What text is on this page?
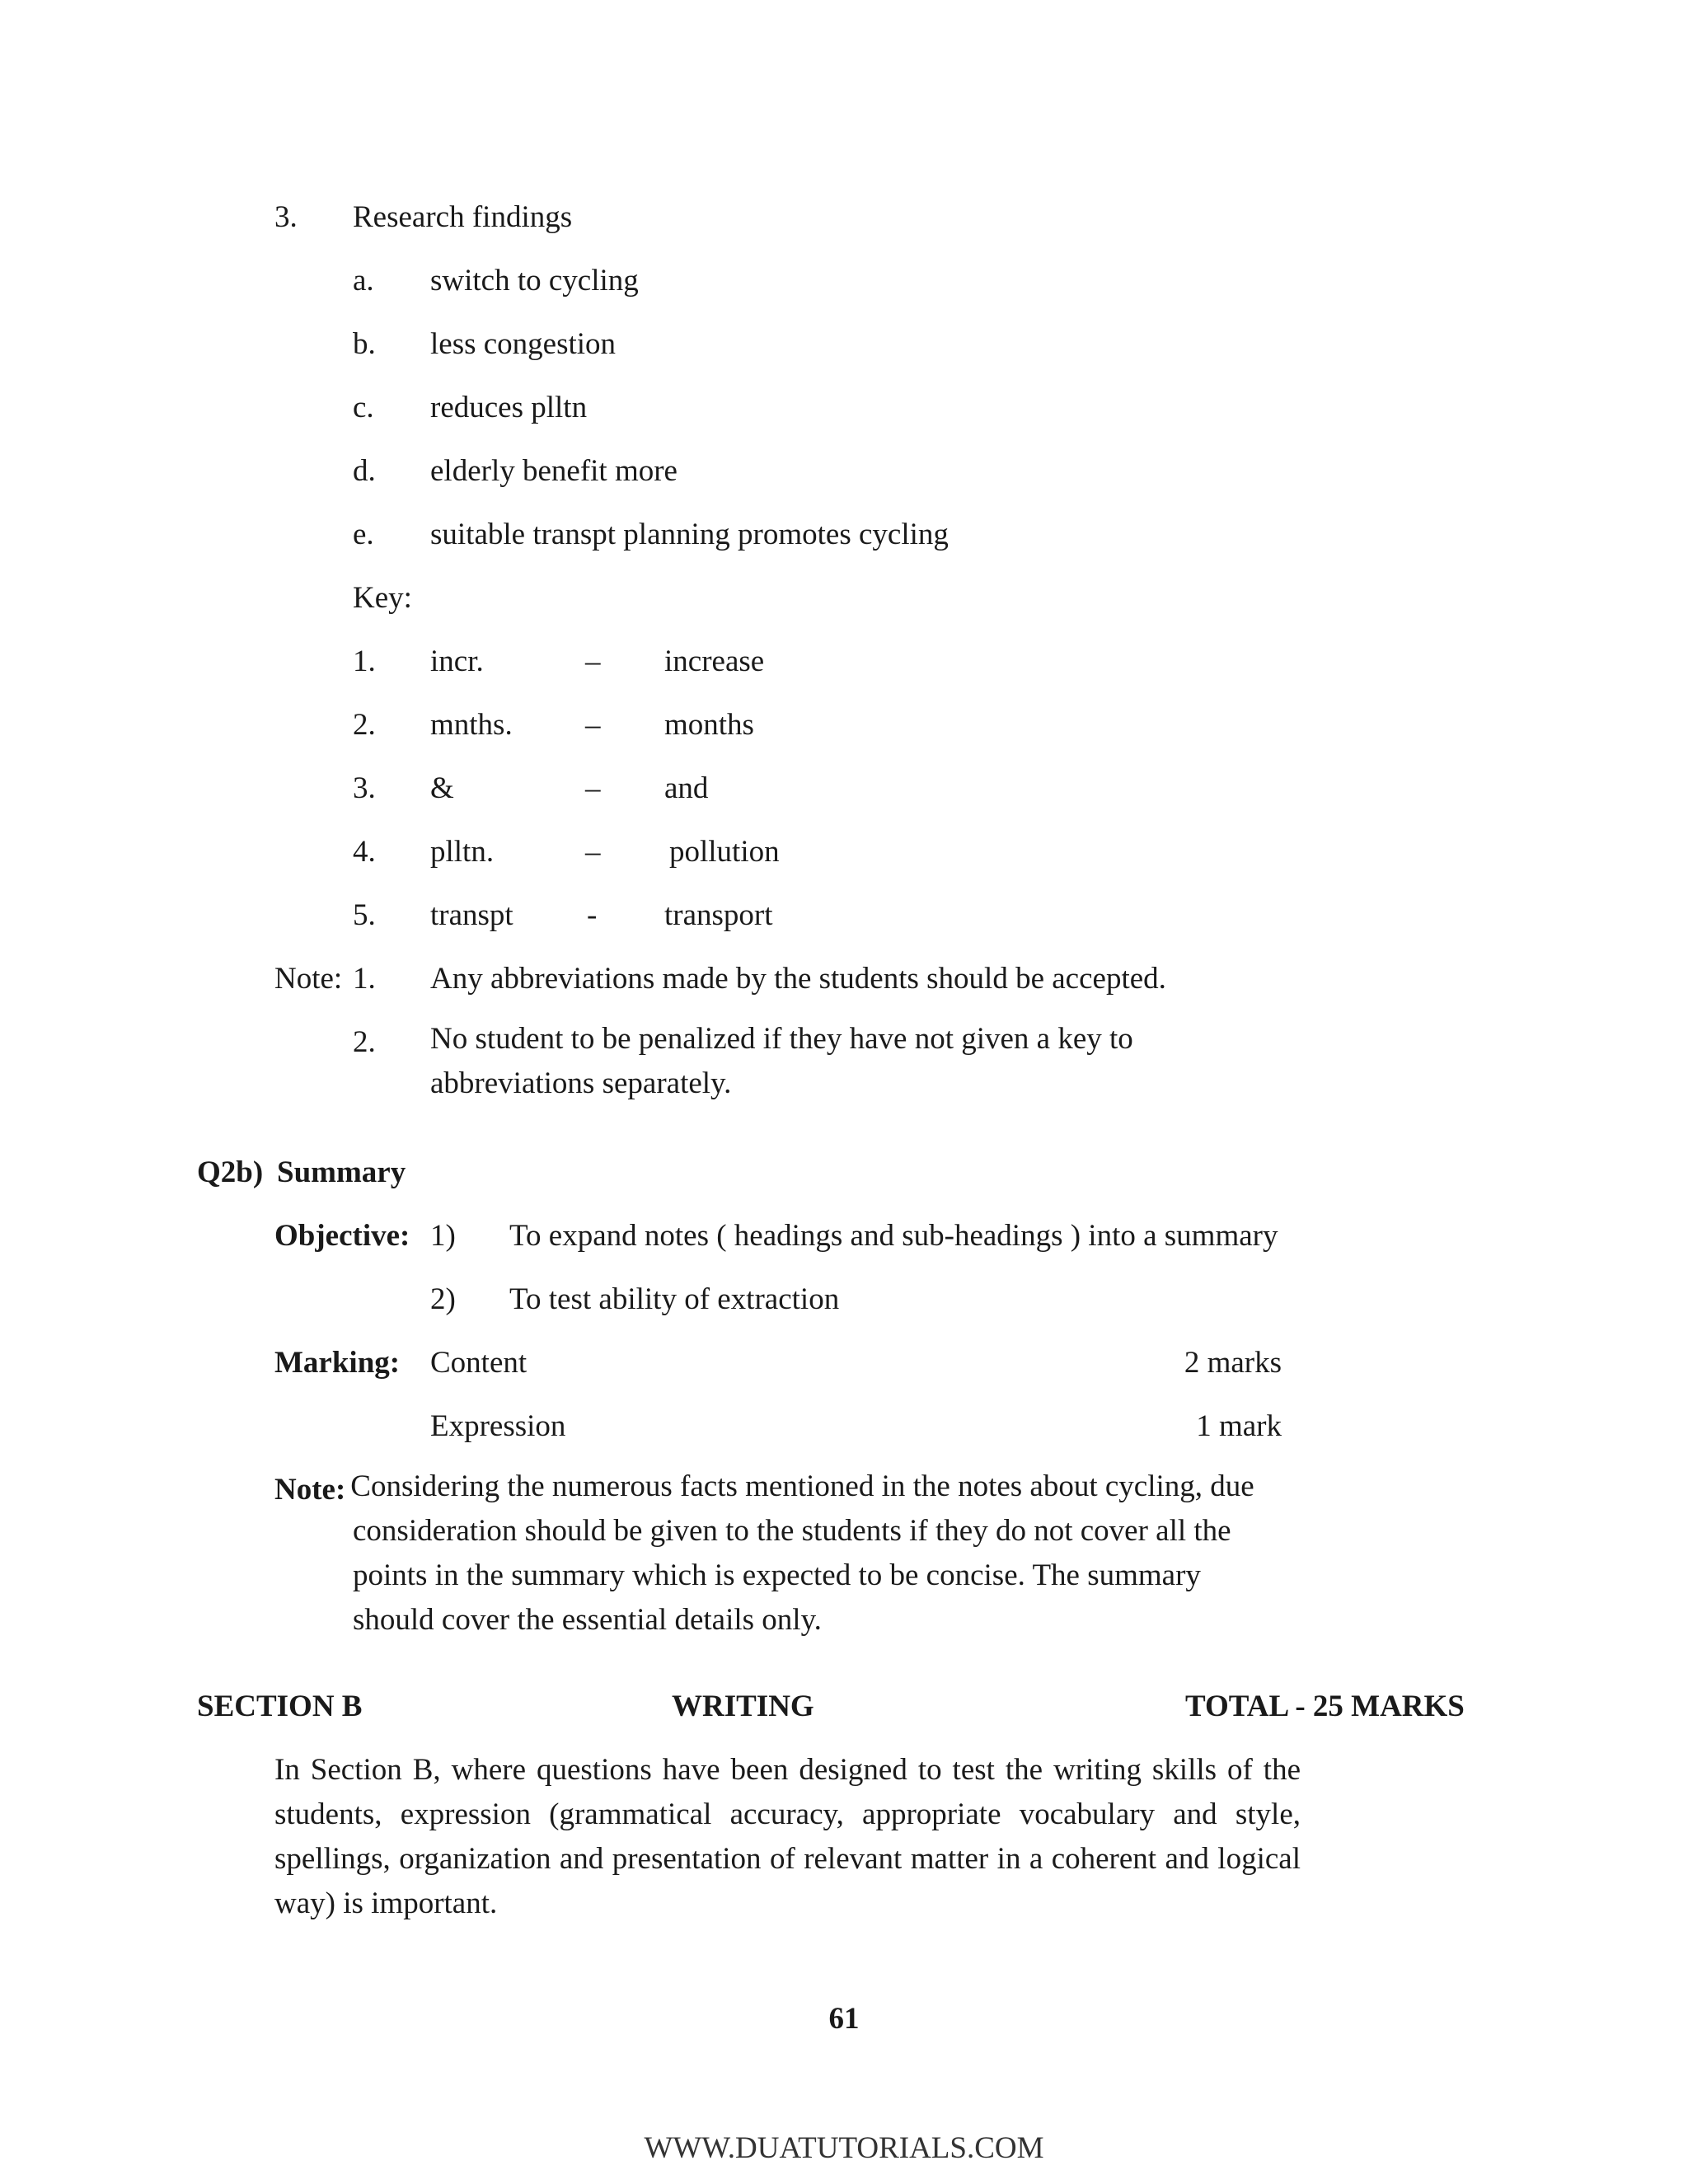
3. Research findings
a. switch to cycling
b. less congestion
c. reduces plltn
d. elderly benefit more
e. suitable transpt planning promotes cycling
Key:
1. incr.	– increase
2. mnths. – months
3. &	– and
4. plltn.	– pollution
5. transpt - transport
Note: 1. Any abbreviations made by the students should be accepted.
2. No student to be penalized if they have not given a key to abbreviations separately.
Q2b) Summary
Objective: 1) To expand notes ( headings and sub-headings ) into a summary
2) To test ability of extraction
Marking: Content	2 marks
Expression	1 mark
Note: Considering the numerous facts mentioned in the notes about cycling, due consideration should be given to the students if they do not cover all the points in the summary which is expected to be concise. The summary should cover the essential details only.
SECTION B	WRITING	TOTAL - 25 MARKS
In Section B, where questions have been designed to test the writing skills of the students, expression (grammatical accuracy, appropriate vocabulary and style, spellings, organization and presentation of relevant matter in a coherent and logical way) is important.
61
WWW.DUATUTORIALS.COM
